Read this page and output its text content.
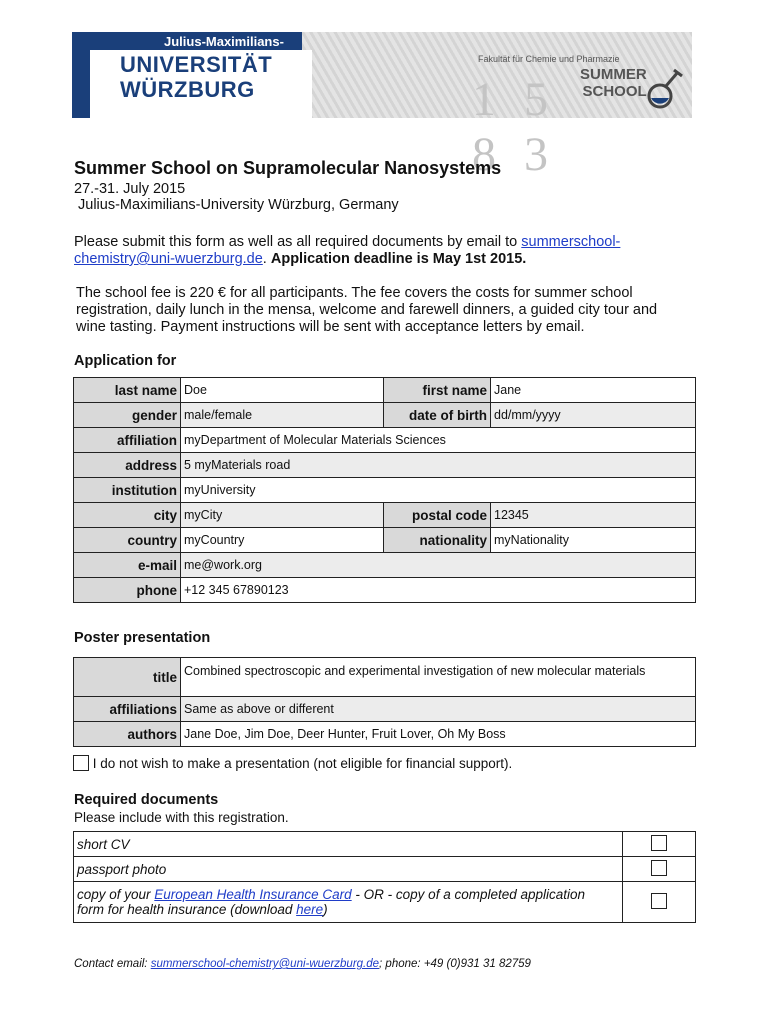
15 83
Julius-Maximilians-
UNIVERSITÄT
WÜRZBURG
Fakultät für Chemie und Pharmazie
SUMMER
SCHOOL
Summer School on Supramolecular Nanosystems

27.-31. July 2015

Julius-Maximilians-University Würzburg, Germany

Please submit this form as well as all required documents by email to summerschool-
chemistry@uni-wuerzburg.de. Application deadline is May 1st 2015.

The school fee is 220 € for all participants. The fee covers the costs for summer school
registration, daily lunch in the mensa, welcome and farewell dinners, a guided city tour and
wine tasting. Payment instructions will be sent with acceptance letters by email.

Application for

last name	Doe	first name	Jane
gender	male/female	date of birth	dd/mm/yyyy
affiliation	myDepartment of Molecular Materials Sciences		
address	5 myMaterials road		
institution	myUniversity		
city	myCity	postal code	12345
country	myCountry	nationality	myNationality
e-mail	me@work.org		
phone	+12 345 67890123		

Poster presentation

title	Combined spectroscopic and experimental investigation of new molecular materials
affiliations	Same as above or different
authors	Jane Doe, Jim Doe, Deer Hunter, Fruit Lover, Oh My Boss
I do not wish to make a presentation (not eligible for financial support).

Required documents

Please include with this registration.

short CV	
passport photo	
copy of your European Health Insurance Card - OR - copy of a completed application
form for health insurance (download here)	
Contact email: summerschool-chemistry@uni-wuerzburg.de; phone: +49 (0)931 31 82759
